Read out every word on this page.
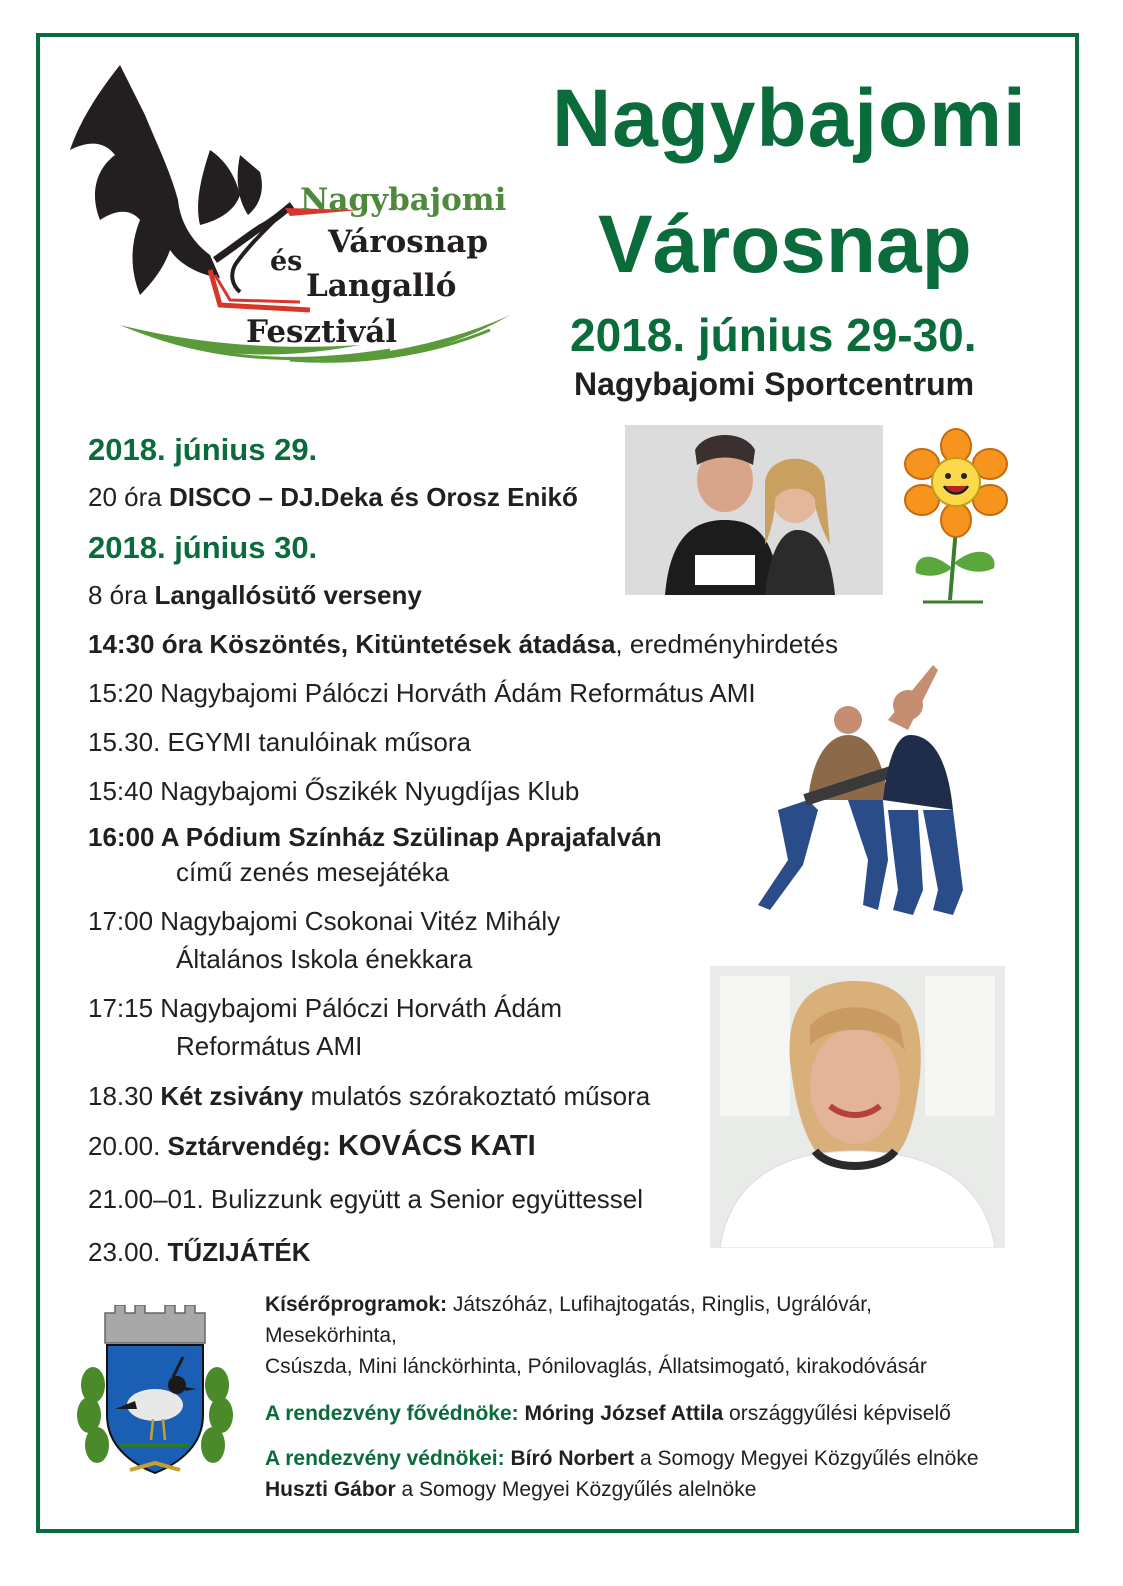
Nagybajomi
Városnap
és
Langalló
Fesztivál
Nagybajomi
Városnap
2018. június 29-30.
Nagybajomi Sportcentrum
2018. június 29.
20 óra DISCO – DJ.Deka és Orosz Enikő
2018. június 30.
8 óra Langallósütő verseny
14:30 óra Köszöntés, Kitüntetések átadása, eredményhirdetés
15:20 Nagybajomi Pálóczi Horváth Ádám Református AMI
15.30. EGYMI tanulóinak műsora
15:40 Nagybajomi Őszikék Nyugdíjas Klub
16:00 A Pódium Színház Szülinap Aprajafalván
című zenés mesejátéka
17:00 Nagybajomi Csokonai Vitéz Mihály
Általános Iskola énekkara
17:15 Nagybajomi Pálóczi Horváth Ádám
Református AMI
18.30 Két zsivány mulatós szórakoztató műsora
20.00. Sztárvendég: KOVÁCS KATI
21.00–01. Bulizzunk együtt a Senior együttessel
23.00. TŰZIJÁTÉK
Kísérőprogramok: Játszóház, Lufihajtogatás, Ringlis, Ugrálóvár,
Mesekörhinta,
Csúszda, Mini lánckörhinta, Pónilovaglás, Állatsimogató, kirakodóvásár
A rendezvény fővédnöke: Móring József Attila országgyűlési képviselő
A rendezvény védnökei: Bíró Norbert a Somogy Megyei Közgyűlés elnöke
Huszti Gábor a Somogy Megyei Közgyűlés alelnöke
